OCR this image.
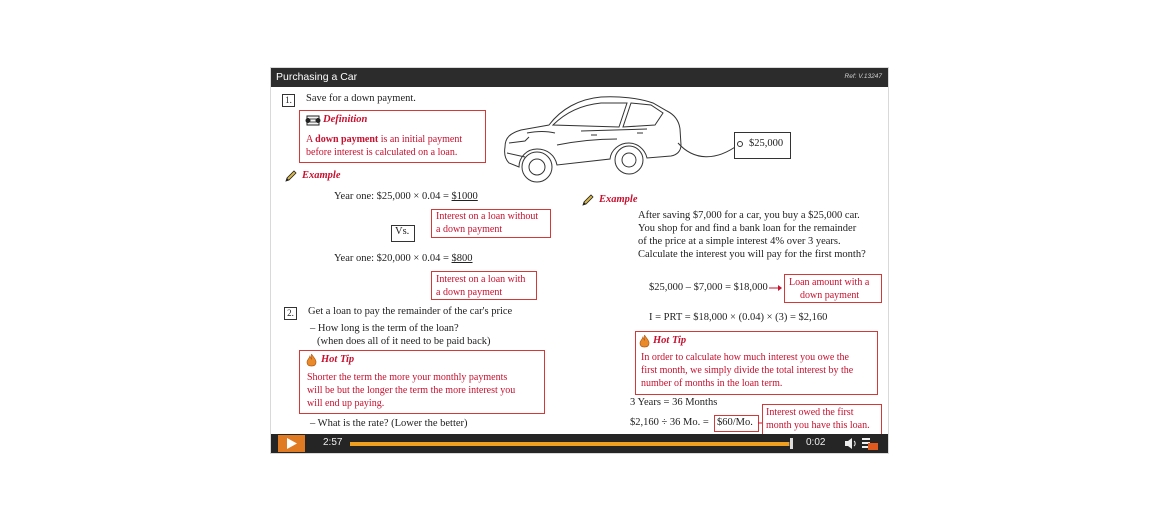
Purchasing a Car	Ref: V.13247
1. Save for a down payment.
Definition
A down payment is an initial payment
before interest is calculated on a loan.
$25,000
Example
Year one: $25,000 × 0.04 = $1000
Interest on a loan without
a down payment
Vs.
Year one: $20,000 × 0.04 = $800
Interest on a loan with
a down payment
2. Get a loan to pay the remainder of the car's price
– How long is the term of the loan?
(when does all of it need to be paid back)
Hot Tip
Shorter the term the more your monthly payments
will be but the longer the term the more interest you
will end up paying.
– What is the rate? (Lower the better)
Example
After saving $7,000 for a car, you buy a $25,000 car.
You shop for and find a bank loan for the remainder
of the price at a simple interest 4% over 3 years.
Calculate the interest you will pay for the first month?
$25,000 – $7,000 = $18,000 Loan amount with a
down payment
I = PRT = $18,000 × (0.04) × (3) = $2,160
Hot Tip
In order to calculate how much interest you owe the
first month, we simply divide the total interest by the
number of months in the loan term.
3 Years = 36 Months
$2,160 ÷ 36 Mo. = $60/Mo.
Interest owed the first
month you have this loan.
2:57	0:02
